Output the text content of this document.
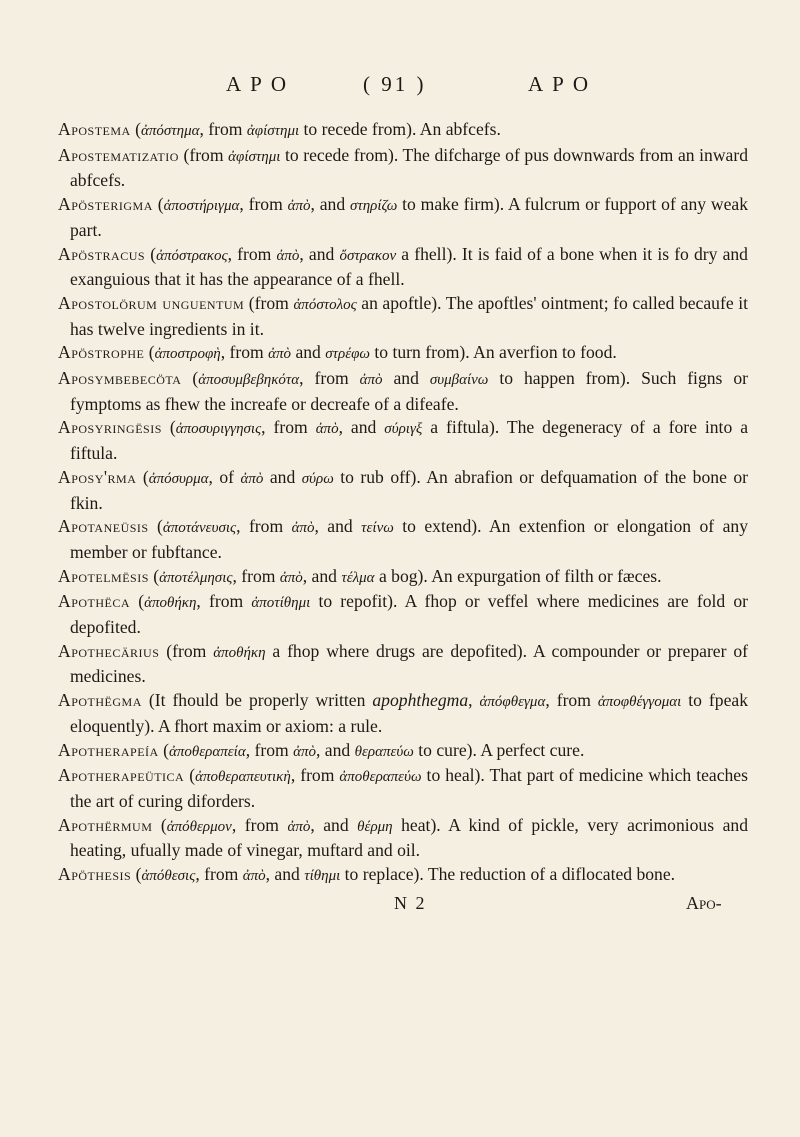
APO	( 91 )	APO

Apostema (ἀπόστημα, from ἀφίστημι to recede from). An abfcefs.

Apostematizatio (from ἀφίστημι to recede from). The difcharge of pus downwards from an inward abfcefs.

Apösterigma (ἀποστήριγμα, from ἀπὸ, and στηρίζω to make firm). A fulcrum or fupport of any weak part.

Apöstracus (ἀπόστρακος, from ἀπὸ, and ὄστρακον a fhell). It is faid of a bone when it is fo dry and exanguious that it has the appearance of a fhell.

Apostolörum unguentum (from ἀπόστολος an apoftle). The apoftles' ointment; fo called becaufe it has twelve ingredients in it.

Apöstrophe (ἀποστροφὴ, from ἀπὸ and στρέφω to turn from). An averfion to food.

Aposymbebecöta (ἀποσυμβεβηκότα, from ἀπὸ and συμβαίνω to happen from). Such figns or fymptoms as fhew the increafe or decreafe of a difeafe.

Aposyringësis (ἀποσυριγγησις, from ἀπὸ, and σύριγξ a fiftula). The degeneracy of a fore into a fiftula.

Aposy'rma (ἀπόσυρμα, of ἀπὸ and σύρω to rub off). An abrafion or defquamation of the bone or fkin.

Apotaneüsis (ἀποτάνευσις, from ἀπὸ, and τείνω to extend). An extenfion or elongation of any member or fubftance.

Apotelmësis (ἀποτέλμησις, from ἀπὸ, and τέλμα a bog). An expurgation of filth or fæces.

Apothëca (ἀποθήκη, from ἀποτίθημι to repofit). A fhop or veffel where medicines are fold or depofited.

Apothecärius (from ἀποθήκη a fhop where drugs are depofited). A compounder or preparer of medicines.

Apothëgma (It fhould be properly written apophthegma, ἀπόφθεγμα, from ἀποφθέγγομαι to fpeak eloquently). A fhort maxim or axiom: a rule.

Apotherapeía (ἀποθεραπεία, from ἀπὸ, and θεραπεύω to cure). A perfect cure.

Apotherapeütica (ἀποθεραπευτικὴ, from ἀποθεραπεύω to heal). That part of medicine which teaches the art of curing diforders.

Apothërmum (ἀπόθερμον, from ἀπὸ, and θέρμη heat). A kind of pickle, very acrimonious and heating, ufually made of vinegar, muftard and oil.

Apöthesis (ἀπόθεσις, from ἀπὸ, and τίθημι to replace). The reduction of a diflocated bone.

N 2	Apo-
